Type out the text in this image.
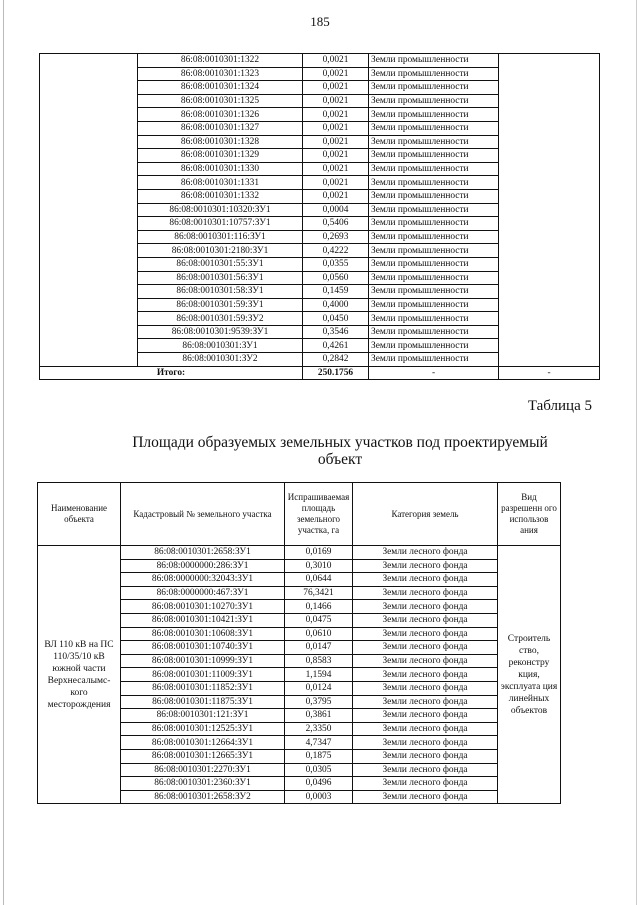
185
	86:08:0010301:1322	0,0021	Земли промышленности	
	86:08:0010301:1323	0,0021	Земли промышленности	
	86:08:0010301:1324	0,0021	Земли промышленности	
	86:08:0010301:1325	0,0021	Земли промышленности	
	86:08:0010301:1326	0,0021	Земли промышленности	
	86:08:0010301:1327	0,0021	Земли промышленности	
	86:08:0010301:1328	0,0021	Земли промышленности	
	86:08:0010301:1329	0,0021	Земли промышленности	
	86:08:0010301:1330	0,0021	Земли промышленности	
	86:08:0010301:1331	0,0021	Земли промышленности	
	86:08:0010301:1332	0,0021	Земли промышленности	
	86:08:0010301:10320:ЗУ1	0,0004	Земли промышленности	
	86:08:0010301:10757:ЗУ1	0,5406	Земли промышленности	
	86:08:0010301:116:ЗУ1	0,2693	Земли промышленности	
	86:08:0010301:2180:ЗУ1	0,4222	Земли промышленности	
	86:08:0010301:55:ЗУ1	0,0355	Земли промышленности	
	86:08:0010301:56:ЗУ1	0,0560	Земли промышленности	
	86:08:0010301:58:ЗУ1	0,1459	Земли промышленности	
	86:08:0010301:59:ЗУ1	0,4000	Земли промышленности	
	86:08:0010301:59:ЗУ2	0,0450	Земли промышленности	
	86:08:0010301:9539:ЗУ1	0,3546	Земли промышленности	
	86:08:0010301:ЗУ1	0,4261	Земли промышленности	
	86:08:0010301:ЗУ2	0,2842	Земли промышленности	
Итого:		250.1756	-	-
Таблица 5
Площади образуемых земельных участков под проектируемый объект
Наименование объекта	Кадастровый № земельного участка	Испрашиваемая площадь земельного участка, га	Категория земель	Вид разрешенн ого использов ания
ВЛ 110 кВ на ПС 110/35/10 кВ южной части Верхнесалымс-кого месторождения	86:08:0010301:2658:ЗУ1	0,0169	Земли лесного фонда	Строитель ство, реконстру кция, эксплуата ция линейных объектов
	86:08:0000000:286:ЗУ1	0,3010	Земли лесного фонда	
	86:08:0000000:32043:ЗУ1	0,0644	Земли лесного фонда	
	86:08:0000000:467:ЗУ1	76,3421	Земли лесного фонда	
	86:08:0010301:10270:ЗУ1	0,1466	Земли лесного фонда	
	86:08:0010301:10421:ЗУ1	0,0475	Земли лесного фонда	
	86:08:0010301:10608:ЗУ1	0,0610	Земли лесного фонда	
	86:08:0010301:10740:ЗУ1	0,0147	Земли лесного фонда	
	86:08:0010301:10999:ЗУ1	0,8583	Земли лесного фонда	
	86:08:0010301:11009:ЗУ1	1,1594	Земли лесного фонда	
	86:08:0010301:11852:ЗУ1	0,0124	Земли лесного фонда	
	86:08:0010301:11875:ЗУ1	0,3795	Земли лесного фонда	
	86:08:0010301:121:ЗУ1	0,3861	Земли лесного фонда	
	86:08:0010301:12525:ЗУ1	2,3350	Земли лесного фонда	
	86:08:0010301:12664:ЗУ1	4,7347	Земли лесного фонда	
	86:08:0010301:12665:ЗУ1	0,1875	Земли лесного фонда	
	86:08:0010301:2270:ЗУ1	0,0305	Земли лесного фонда	
	86:08:0010301:2360:ЗУ1	0,0496	Земли лесного фонда	
	86:08:0010301:2658:ЗУ2	0,0003	Земли лесного фонда	
